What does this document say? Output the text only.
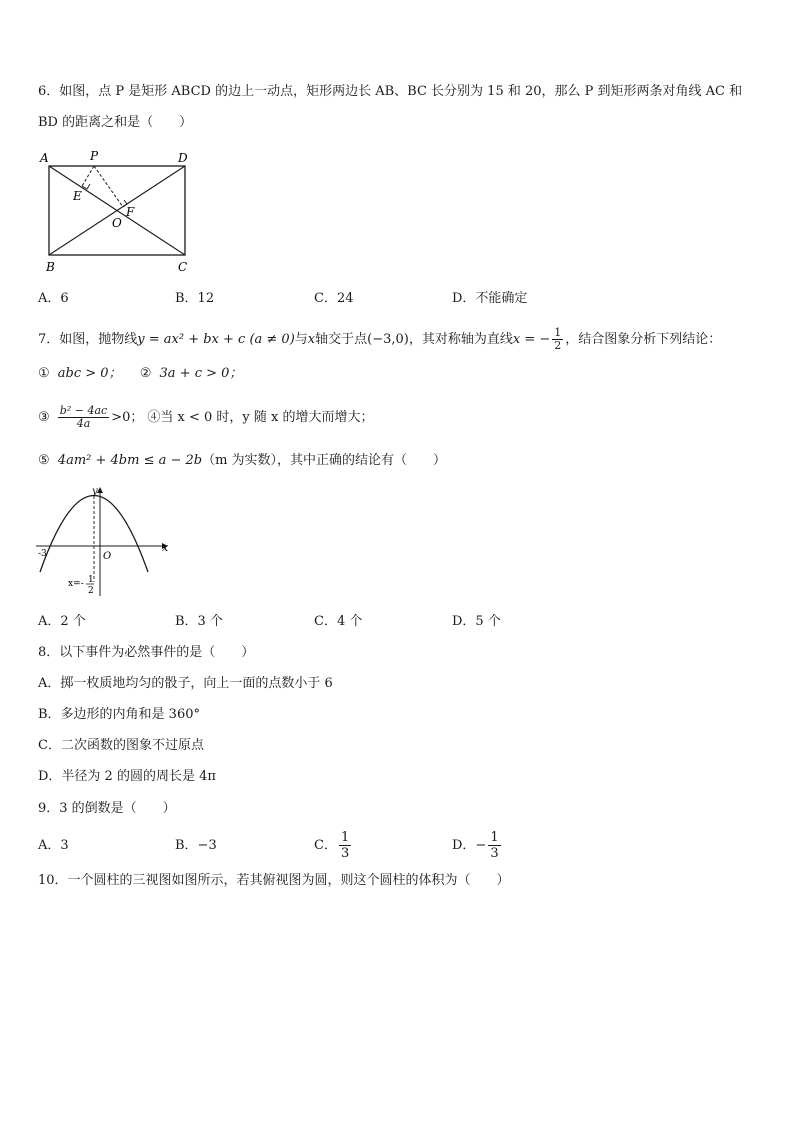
6．如图，点 P 是矩形 ABCD 的边上一动点，矩形两边长 AB、BC 长分别为 15 和 20，那么 P 到矩形两条对角线 AC 和
BD 的距离之和是（　　）
A	P	D
E
F
O
B	C
A．6	B．12	C．24	D．不能确定
7．如图，抛物线y = ax² + bx + c (a ≠ 0)与x轴交于点(−3,0)，其对称轴为直线x = − $\frac{1}{2}$ ，结合图象分析下列结论：
① abc > 0； ② 3a + c > 0；
③ $\frac{\text{b² − 4ac}}{4a} >0$； ④当 x < 0 时，y 随 x 的增大而增大；
⑤ 4am² + 4bm ≤ a − 2b（m 为实数），其中正确的结论有（　　）
y
x
O
-3
x=- 1
2
A．2 个	B．3 个	C．4 个	D．5 个
8．以下事件为必然事件的是（　　）
A．掷一枚质地均匀的骰子，向上一面的点数小于 6
B．多边形的内角和是 360°
C．二次函数的图象不过原点
D．半径为 2 的圆的周长是 4π
9．3 的倒数是（　　）
A．3	B．−3	C． $\frac{1}{3}$	D．− $\frac{1}{3}$
10．一个圆柱的三视图如图所示，若其俯视图为圆，则这个圆柱的体积为（　　）
